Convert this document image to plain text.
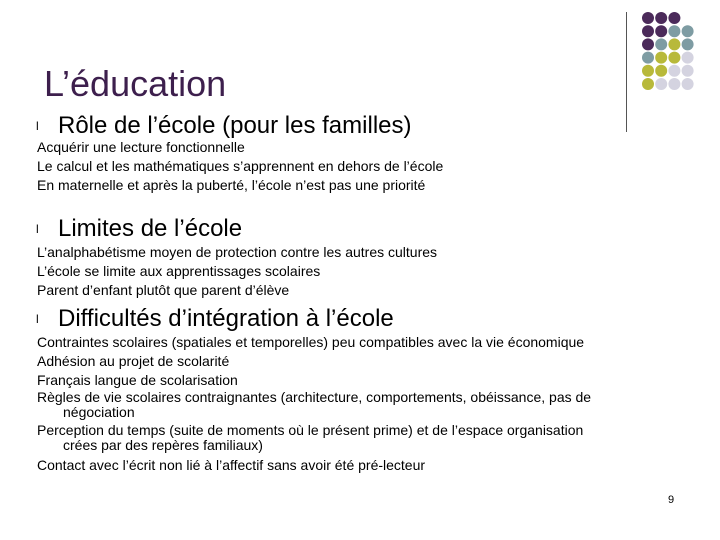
L’éducation
l Rôle de l’école (pour les familles)
Acquérir une lecture fonctionnelle
Le calcul et les mathématiques s’apprennent en dehors de l’école
En maternelle et après la puberté, l’école n’est pas une priorité
l Limites de l’école
L’analphabétisme moyen de protection contre les autres cultures
L’école se limite aux apprentissages scolaires
Parent d’enfant plutôt que parent d’élève
l Difficultés d’intégration à l’école
Contraintes scolaires (spatiales et temporelles) peu compatibles avec la vie économique
Adhésion au projet de scolarité
Français langue de scolarisation
Règles de vie scolaires contraignantes (architecture, comportements, obéissance, pas de
négociation
Perception du temps (suite de moments où le présent prime) et de l’espace organisation
crées par des repères familiaux)
Contact avec l’écrit non lié à l’affectif sans avoir été pré-lecteur
9
